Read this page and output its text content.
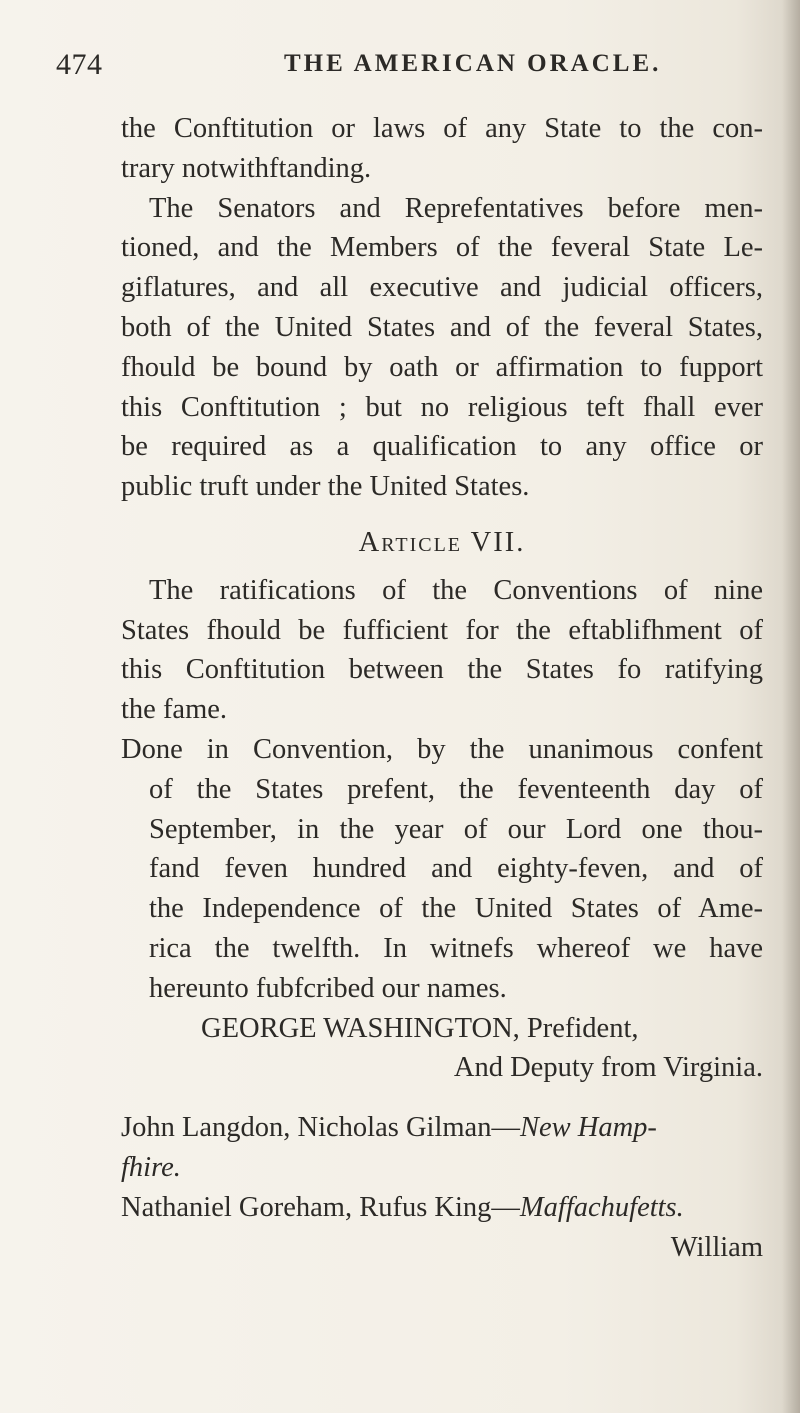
474	THE AMERICAN ORACLE.
the Conftitution or laws of any State to the con-
trary notwithftanding.
The Senators and Reprefentatives before men-
tioned, and the Members of the feveral State Le-
giflatures, and all executive and judicial officers,
both of the United States and of the feveral States,
fhould be bound by oath or affirmation to fupport
this Conftitution ; but no religious teft fhall ever
be required as a qualification to any office or
public truft under the United States.
Article VII.
The ratifications of the Conventions of nine
States fhould be fufficient for the eftablifhment of
this Conftitution between the States fo ratifying
the fame.
Done in Convention, by the unanimous confent
of the States prefent, the feventeenth day of
September, in the year of our Lord one thou-
fand feven hundred and eighty-feven, and of
the Independence of the United States of Ame-
rica the twelfth. In witnefs whereof we have
hereunto fubfcribed our names.
GEORGE WASHINGTON, Prefident,
And Deputy from Virginia.
John Langdon, Nicholas Gilman—New Hamp-
fhire.
Nathaniel Goreham, Rufus King—Maffachufetts.
William
